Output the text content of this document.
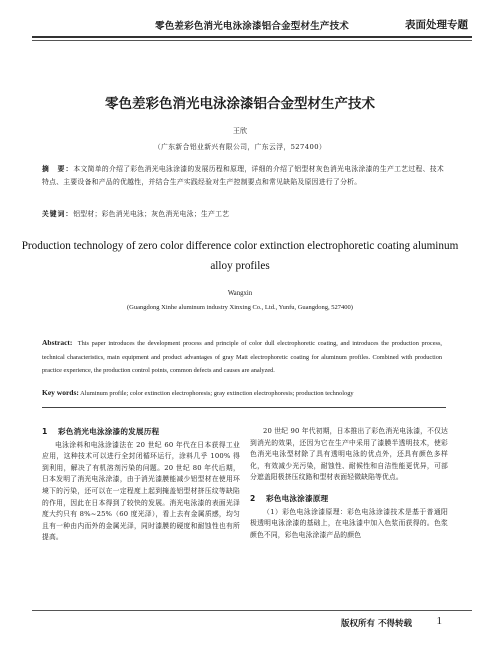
零色差彩色消光电泳涂漆铝合金型材生产技术	表面处理专题
零色差彩色消光电泳涂漆铝合金型材生产技术
王欣
（广东新合铝业新兴有限公司，广东云浮，527400）
摘　要：本文简单的介绍了彩色消光电泳涂漆的发展历程和原理，详细的介绍了铝型材灰色消光电泳涂漆的生产工艺过程、技术特点、主要设备和产品的优越性，并结合生产实践经验对生产控制要点和常见缺陷及原因进行了分析。
关键词：铝型材；彩色消光电泳；灰色消光电泳；生产工艺
Production technology of zero color difference color extinction electrophoretic coating aluminum alloy profiles
Wangxin
(Guangdong Xinhe aluminum industry Xinxing Co., Ltd., Yunfu, Guangdong, 527400)
Abstract: This paper introduces the development process and principle of color dull electrophoretic coating, and introduces the production process, technical characteristics, main equipment and product advantages of gray Matt electrophoretic coating for aluminum profiles. Combined with production practice experience, the production control points, common defects and causes are analyzed.
Key words: Aluminum profile; color extinction electrophoresis; gray extinction electrophoresis; production technology
1 彩色消光电泳涂漆的发展历程

电泳涂料和电泳涂漆法在 20 世纪 60 年代在日本获得工业应用，这种技术可以进行全封闭循环运行，涂料几乎 100% 得到利用，解决了有机溶剂污染的问题。20 世纪 80 年代后期，日本发明了消光电泳涂漆，由于消光漆膜能减少铝型材在使用环境下的污染，还可以在一定程度上起到掩盖铝型材挤压纹等缺陷的作用，因此在日本得到了较快的发展。消光电泳漆的表面光泽度大约只有 8%~25%（60 度光泽），看上去有金属质感，均匀且有一种由内而外的金属光泽，同时漆膜的硬度和耐蚀性也有所提高。

20 世纪 90 年代初期，日本推出了彩色消光电泳漆，不仅达到消光的效果，还因为它在生产中采用了漆膜半透明技术，使彩色消光电泳型材除了具有透明电泳的优点外，还具有颜色多样化，有效减少光污染，耐蚀性、耐候性和自洁性能更优异，可部分遮盖阳极挤压纹路和型材表面轻微缺陷等优点。

2 彩色电泳涂漆原理

（1）彩色电泳涂漆原理：彩色电泳涂漆技术是基于普通阳极透明电泳涂漆的基础上，在电泳漆中加入色浆而获得的。色浆颜色不同，彩色电泳涂漆产品的颜色

版权所有 不得转载 1
